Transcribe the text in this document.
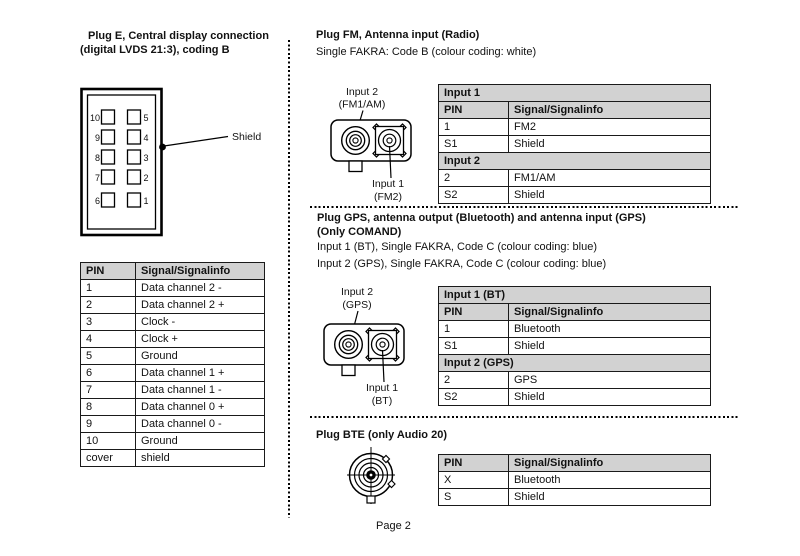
Plug E, Central display connection
(digital LVDS 21:3), coding B
10
9
8
7
6
5
4
3
2
1
Shield
PIN	Signal/Signalinfo
1	Data channel 2 -
2	Data channel 2 +
3	Clock -
4	Clock +
5	Ground
6	Data channel 1 +
7	Data channel 1 -
8	Data channel 0 +
9	Data channel 0 -
10	Ground
cover	shield
Plug FM, Antenna input (Radio)
Single FAKRA: Code B (colour coding: white)
Input 2
(FM1/AM)
Input 1
(FM2)
Input 1	
PIN	Signal/Signalinfo
1	FM2
S1	Shield
Input 2	
2	FM1/AM
S2	Shield
Plug GPS, antenna output (Bluetooth) and antenna input (GPS)
(Only COMAND)
Input 1 (BT), Single FAKRA, Code C (colour coding: blue)
Input 2 (GPS), Single FAKRA, Code C (colour coding: blue)
Input 2
(GPS)
Input 1
(BT)
Input 1 (BT)	
PIN	Signal/Signalinfo
1	Bluetooth
S1	Shield
Input 2 (GPS)	
2	GPS
S2	Shield
Plug BTE (only Audio 20)
PIN	Signal/Signalinfo
X	Bluetooth
S	Shield
Page 2
